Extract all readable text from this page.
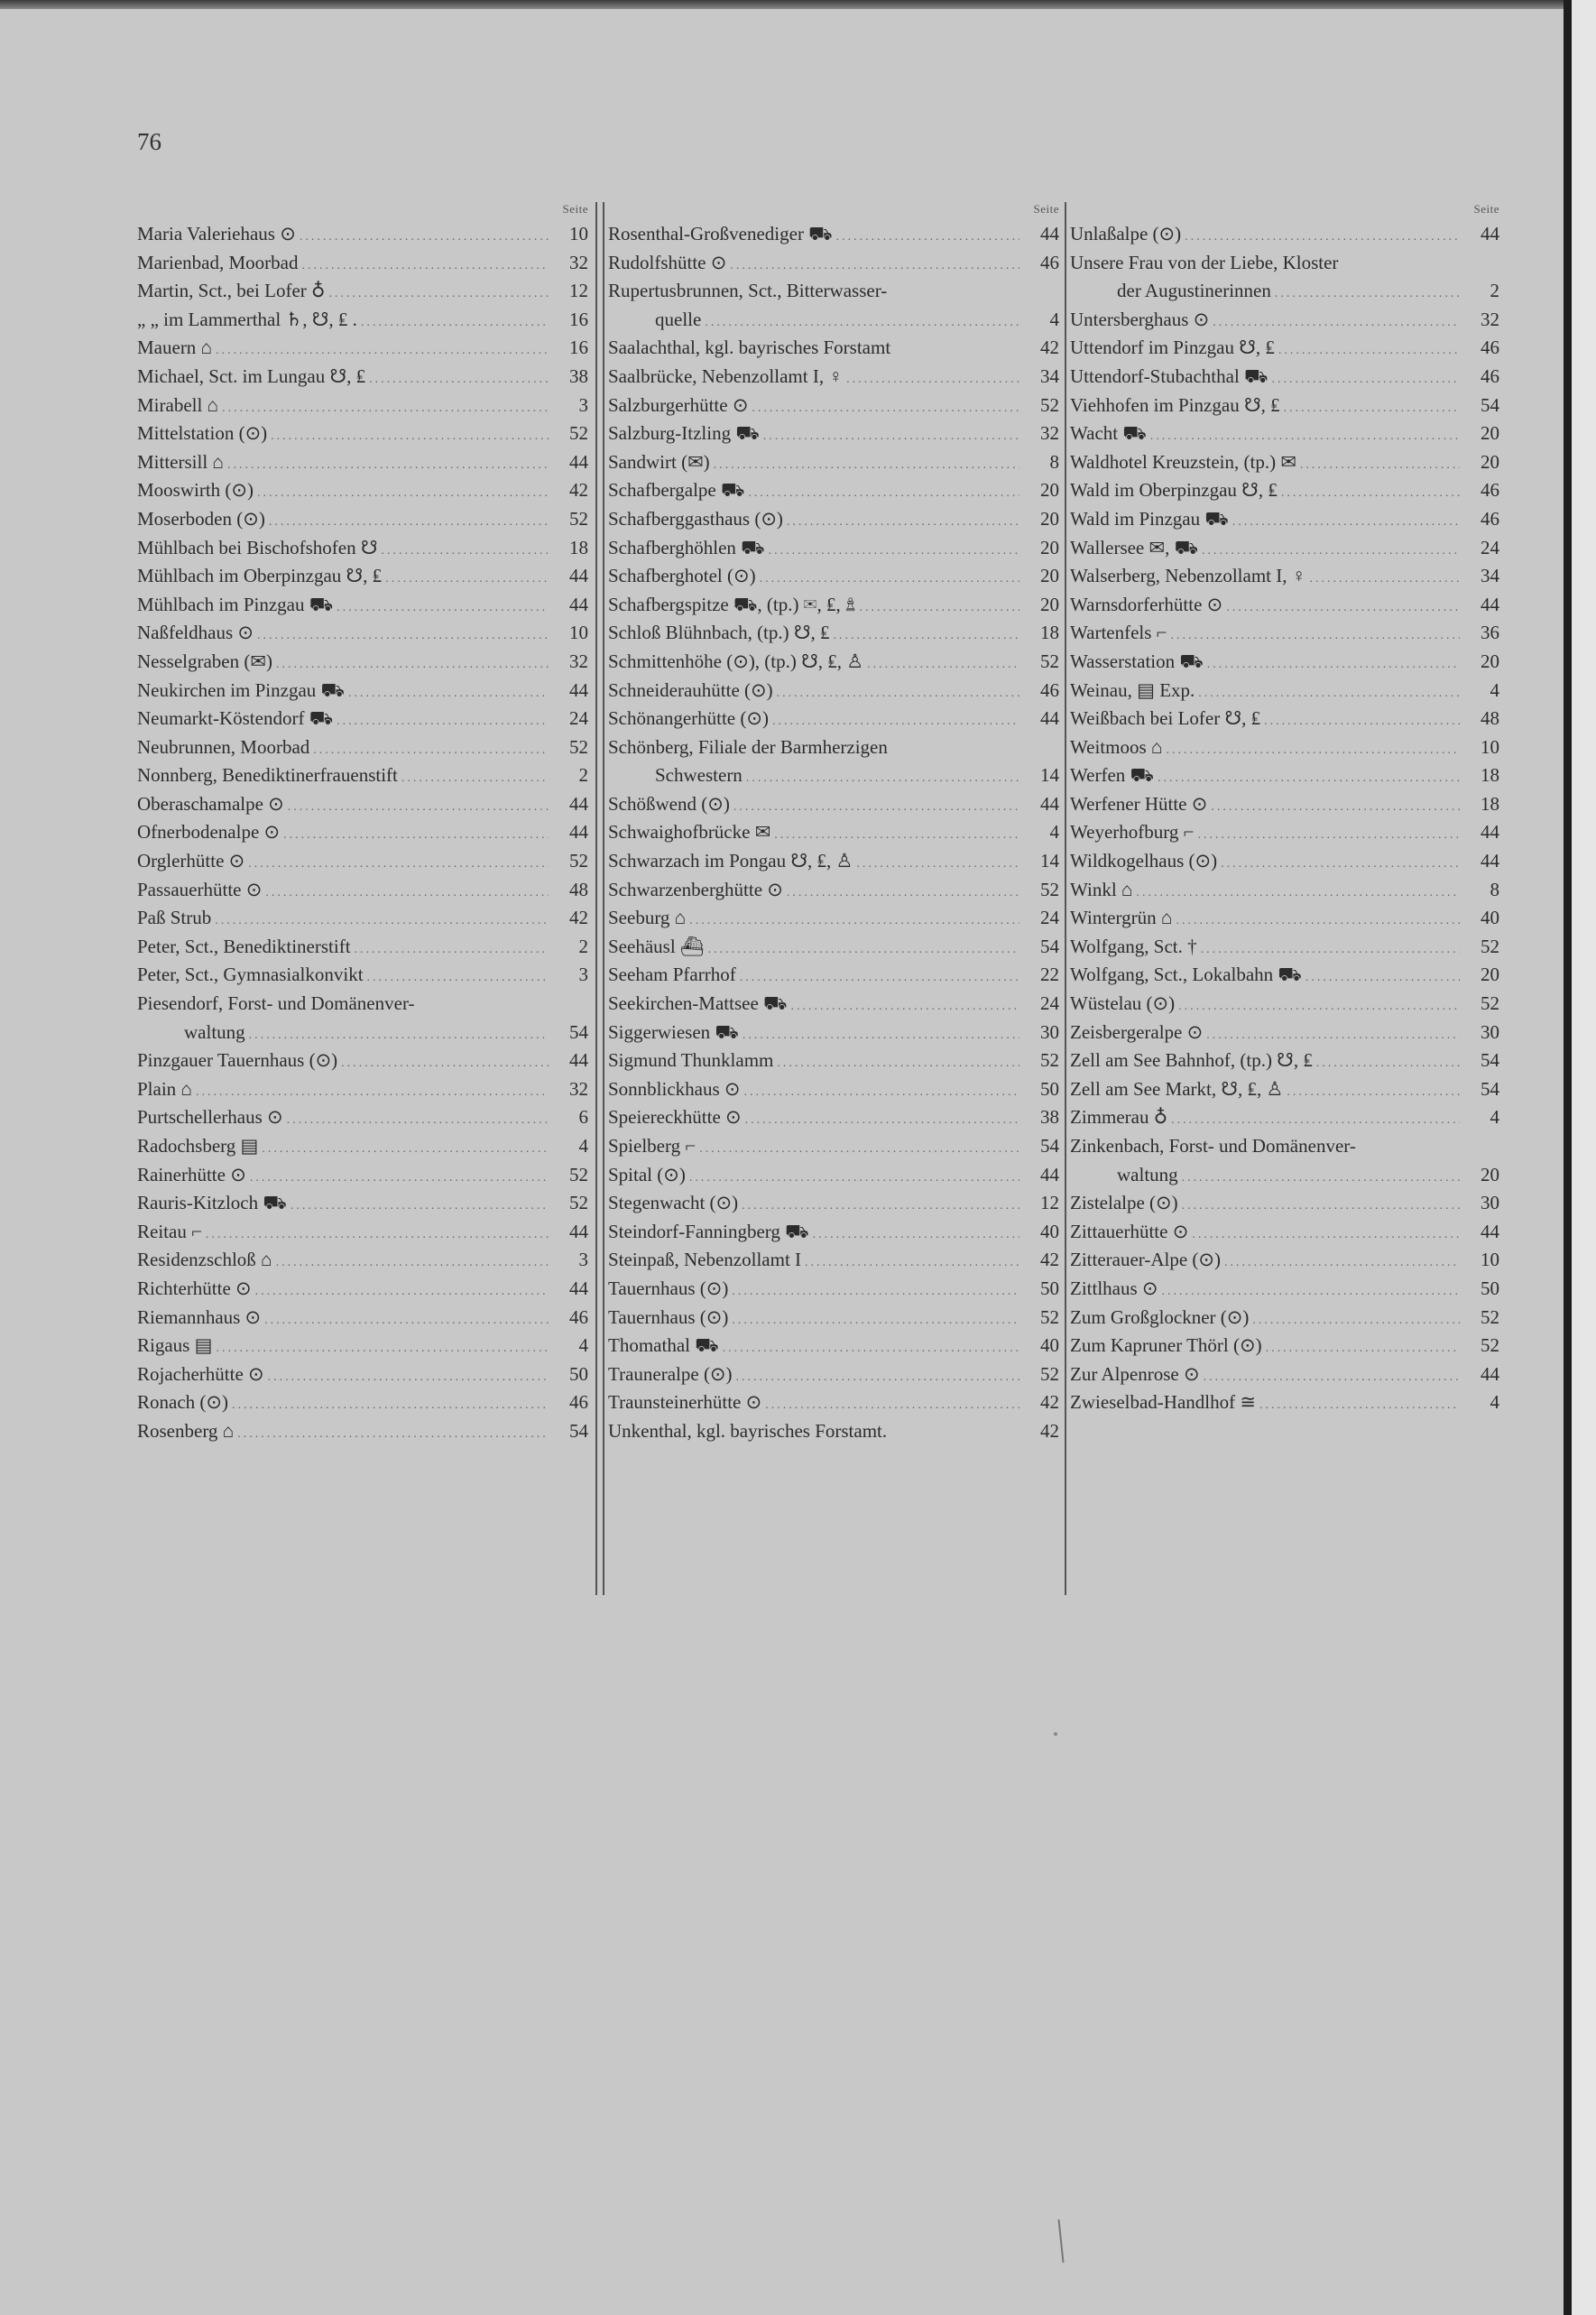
76
Seite
Maria Valeriehaus ⊙ .....	10
Marienbad, Moorbad .....	32
Martin, Sct., bei Lofer ♁ .....	12
„ „ im Lammerthal ♄, ☋, ₤ . .....	16
Mauern ⌂ .....	16
Michael, Sct. im Lungau ☋, ₤ .....	38
Mirabell ⌂ .....	3
Mittelstation (⊙) .....	52
Mittersill ⌂ .....	44
Mooswirth (⊙) .....	42
Moserboden (⊙) .....	52
Mühlbach bei Bischofshofen ☋ .....	18
Mühlbach im Oberpinzgau ☋, ₤ .....	44
Mühlbach im Pinzgau ⛟ .....	44
Naßfeldhaus ⊙ .....	10
Nesselgraben (✉) .....	32
Neukirchen im Pinzgau ⛟ .....	44
Neumarkt-Köstendorf ⛟ .....	24
Neubrunnen, Moorbad .....	52
Nonnberg, Benediktinerfrauenstift .....	2
Oberaschamalpe ⊙ .....	44
Ofnerbodenalpe ⊙ .....	44
Orglerhütte ⊙ .....	52
Passauerhütte ⊙ .....	48
Paß Strub .....	42
Peter, Sct., Benediktinerstift .....	2
Peter, Sct., Gymnasialkonvikt .....	3
Piesendorf, Forst- und Domänenver-
waltung .....	54
Pinzgauer Tauernhaus (⊙) .....	44
Plain ⌂ .....	32
Purtschellerhaus ⊙ .....	6
Radochsberg ▤ .....	4
Rainerhütte ⊙ .....	52
Rauris-Kitzloch ⛟ .....	52
Reitau ⌐ .....	44
Residenzschloß ⌂ .....	3
Richterhütte ⊙ .....	44
Riemannhaus ⊙ .....	46
Rigaus ▤ .....	4
Rojacherhütte ⊙ .....	50
Ronach (⊙) .....	46
Rosenberg ⌂ .....	54
Seite
Rosenthal-Großvenediger ⛟ .....	44
Rudolfshütte ⊙ .....	46
Rupertusbrunnen, Sct., Bitterwasser-
quelle .....	4
Saalachthal, kgl. bayrisches Forstamt	42
Saalbrücke, Nebenzollamt I, ♀ .....	34
Salzburgerhütte ⊙ .....	52
Salzburg-Itzling ⛟ .....	32
Sandwirt (✉) .....	8
Schafbergalpe ⛟ .....	20
Schafberggasthaus (⊙) .....	20
Schafberghöhlen ⛟ .....	20
Schafberghotel (⊙) .....	20
Schafbergspitze ⛟, (tp.) ✉, ₤, ♙ .....	20
Schloß Blühnbach, (tp.) ☋, ₤ .....	18
Schmittenhöhe (⊙), (tp.) ☋, ₤, ♙ .....	52
Schneiderauhütte (⊙) .....	46
Schönangerhütte (⊙) .....	44
Schönberg, Filiale der Barmherzigen
Schwestern .....	14
Schößwend (⊙) .....	44
Schwaighofbrücke ✉ .....	4
Schwarzach im Pongau ☋, ₤, ♙ .....	14
Schwarzenberghütte ⊙ .....	52
Seeburg ⌂ .....	24
Seehäusl ⛴ .....	54
Seeham Pfarrhof .....	22
Seekirchen-Mattsee ⛟ .....	24
Siggerwiesen ⛟ .....	30
Sigmund Thunklamm .....	52
Sonnblickhaus ⊙ .....	50
Speiereckhütte ⊙ .....	38
Spielberg ⌐ .....	54
Spital (⊙) .....	44
Stegenwacht (⊙) .....	12
Steindorf-Fanningberg ⛟ .....	40
Steinpaß, Nebenzollamt I .....	42
Tauernhaus (⊙) .....	50
Tauernhaus (⊙) .....	52
Thomathal ⛟ .....	40
Trauneralpe (⊙) .....	52
Traunsteinerhütte ⊙ .....	42
Unkenthal, kgl. bayrisches Forstamt.	42
Seite
Unlaßalpe (⊙) .....	44
Unsere Frau von der Liebe, Kloster
der Augustinerinnen .....	2
Untersberghaus ⊙ .....	32
Uttendorf im Pinzgau ☋, ₤ .....	46
Uttendorf-Stubachthal ⛟ .....	46
Viehhofen im Pinzgau ☋, ₤ .....	54
Wacht ⛟ .....	20
Waldhotel Kreuzstein, (tp.) ✉ .....	20
Wald im Oberpinzgau ☋, ₤ .....	46
Wald im Pinzgau ⛟ .....	46
Wallersee ✉, ⛟ .....	24
Walserberg, Nebenzollamt I, ♀ .....	34
Warnsdorferhütte ⊙ .....	44
Wartenfels ⌐ .....	36
Wasserstation ⛟ .....	20
Weinau, ▤ Exp. .....	4
Weißbach bei Lofer ☋, ₤ .....	48
Weitmoos ⌂ .....	10
Werfen ⛟ .....	18
Werfener Hütte ⊙ .....	18
Weyerhofburg ⌐ .....	44
Wildkogelhaus (⊙) .....	44
Winkl ⌂ .....	8
Wintergrün ⌂ .....	40
Wolfgang, Sct. † .....	52
Wolfgang, Sct., Lokalbahn ⛟ .....	20
Wüstelau (⊙) .....	52
Zeisbergeralpe ⊙ .....	30
Zell am See Bahnhof, (tp.) ☋, ₤ .....	54
Zell am See Markt, ☋, ₤, ♙ .....	54
Zimmerau ♁ .....	4
Zinkenbach, Forst- und Domänenver-
waltung .....	20
Zistelalpe (⊙) .....	30
Zittauerhütte ⊙ .....	44
Zitterauer-Alpe (⊙) .....	10
Zittlhaus ⊙ .....	50
Zum Großglockner (⊙) .....	52
Zum Kapruner Thörl (⊙) .....	52
Zur Alpenrose ⊙ .....	44
Zwieselbad-Handlhof ≅ .....	4
